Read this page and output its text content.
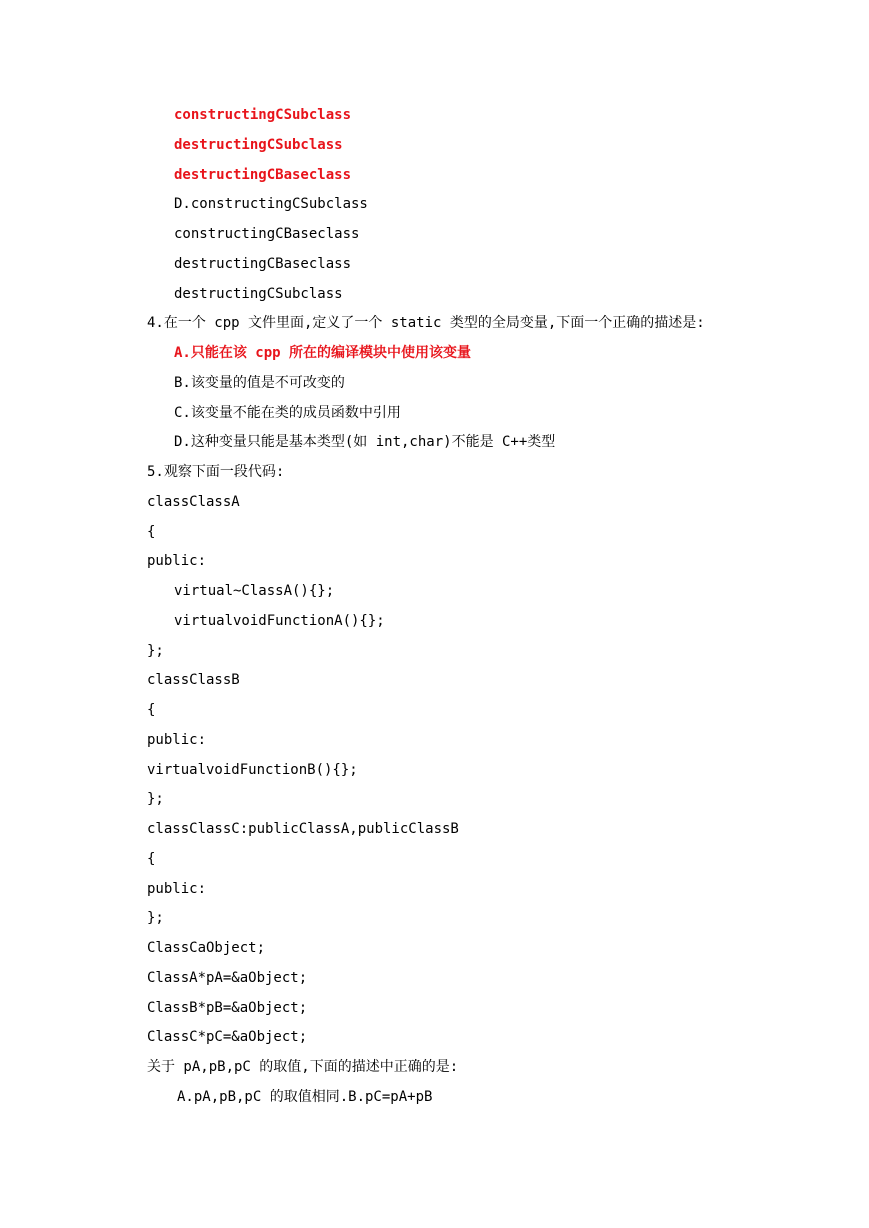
constructingCSubclass
destructingCSubclass
destructingCBaseclass
D.constructingCSubclass
constructingCBaseclass
destructingCBaseclass
destructingCSubclass
4.在一个 cpp 文件里面,定义了一个 static 类型的全局变量,下面一个正确的描述是:
A.只能在该 cpp 所在的编译模块中使用该变量
B.该变量的值是不可改变的
C.该变量不能在类的成员函数中引用
D.这种变量只能是基本类型(如 int,char)不能是 C++类型
5.观察下面一段代码:
classClassA
{
public:
virtual~ClassA(){};
virtualvoidFunctionA(){};
};
classClassB
{
public:
virtualvoidFunctionB(){};
};
classClassC:publicClassA,publicClassB
{
public:
};
ClassCaObject;
ClassA*pA=&aObject;
ClassB*pB=&aObject;
ClassC*pC=&aObject;
关于 pA,pB,pC 的取值,下面的描述中正确的是:
A.pA,pB,pC 的取值相同.B.pC=pA+pB
